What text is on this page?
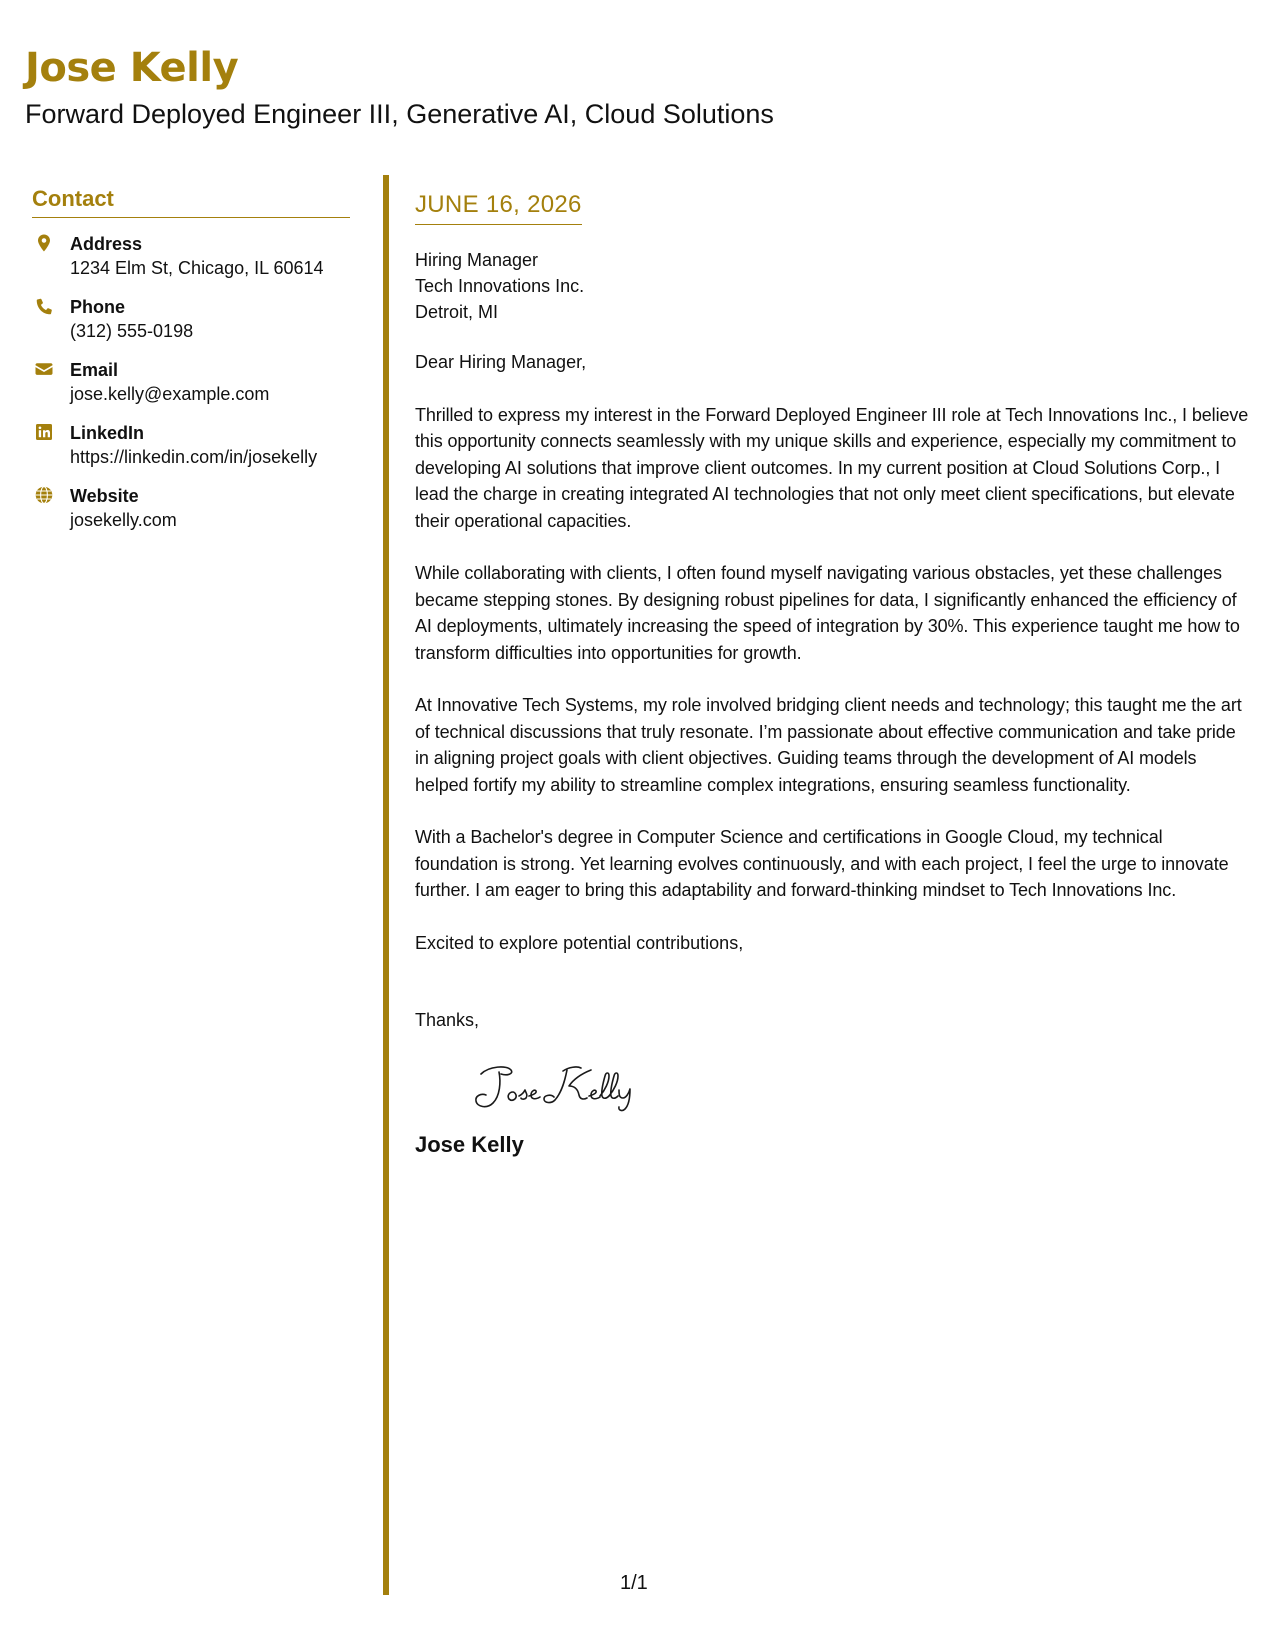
Jose Kelly
Forward Deployed Engineer III, Generative AI, Cloud Solutions
Contact
Address
1234 Elm St, Chicago, IL 60614
Phone
(312) 555-0198
Email
jose.kelly@example.com
LinkedIn
https://linkedin.com/in/josekelly
Website
josekelly.com
JUNE 16, 2026
Hiring Manager
Tech Innovations Inc.
Detroit, MI

Dear Hiring Manager,

Thrilled to express my interest in the Forward Deployed Engineer III role at Tech Innovations Inc., I believe this opportunity connects seamlessly with my unique skills and experience, especially my commitment to developing AI solutions that improve client outcomes. In my current position at Cloud Solutions Corp., I lead the charge in creating integrated AI technologies that not only meet client specifications, but elevate their operational capacities.

While collaborating with clients, I often found myself navigating various obstacles, yet these challenges became stepping stones. By designing robust pipelines for data, I significantly enhanced the efficiency of AI deployments, ultimately increasing the speed of integration by 30%. This experience taught me how to transform difficulties into opportunities for growth.

At Innovative Tech Systems, my role involved bridging client needs and technology; this taught me the art of technical discussions that truly resonate. I’m passionate about effective communication and take pride in aligning project goals with client objectives. Guiding teams through the development of AI models helped fortify my ability to streamline complex integrations, ensuring seamless functionality.

With a Bachelor's degree in Computer Science and certifications in Google Cloud, my technical foundation is strong. Yet learning evolves continuously, and with each project, I feel the urge to innovate further. I am eager to bring this adaptability and forward-thinking mindset to Tech Innovations Inc.

Excited to explore potential contributions,

Thanks,

Jose Kelly
1/1
